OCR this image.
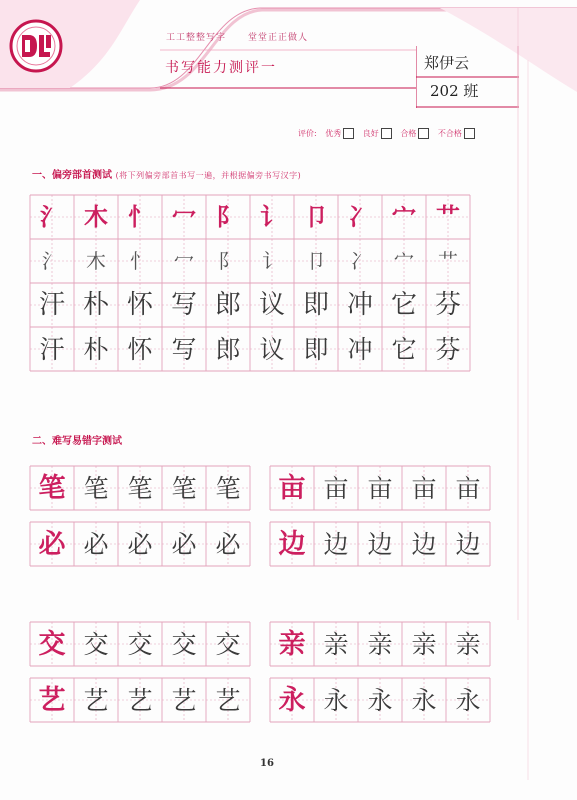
工工整整写字 堂堂正正做人
书写能力测评一	郑伊云
202 班
评价: 优秀	良好	合格	不合格
一、偏旁部首测试 (将下列偏旁部首书写一遍，并根据偏旁书写汉字)
氵 木 忄 冖 阝 讠 卩 冫 宀 艹
氵	木	忄	冖	阝	讠	卩	冫	宀	艹
汗 朴 怀 写 郎 议 即 冲 它 芬
汗 朴 怀 写 郎 议 即 冲 它 芬
笔 笔 笔 笔 笔	亩 亩 亩 亩 亩
必 必 必 必 必	边 边 边 边 边
交 交 交 交 交	亲 亲 亲 亲 亲
艺 艺 艺 艺 艺	永 永 永 永 永
二、难写易错字测试
16
